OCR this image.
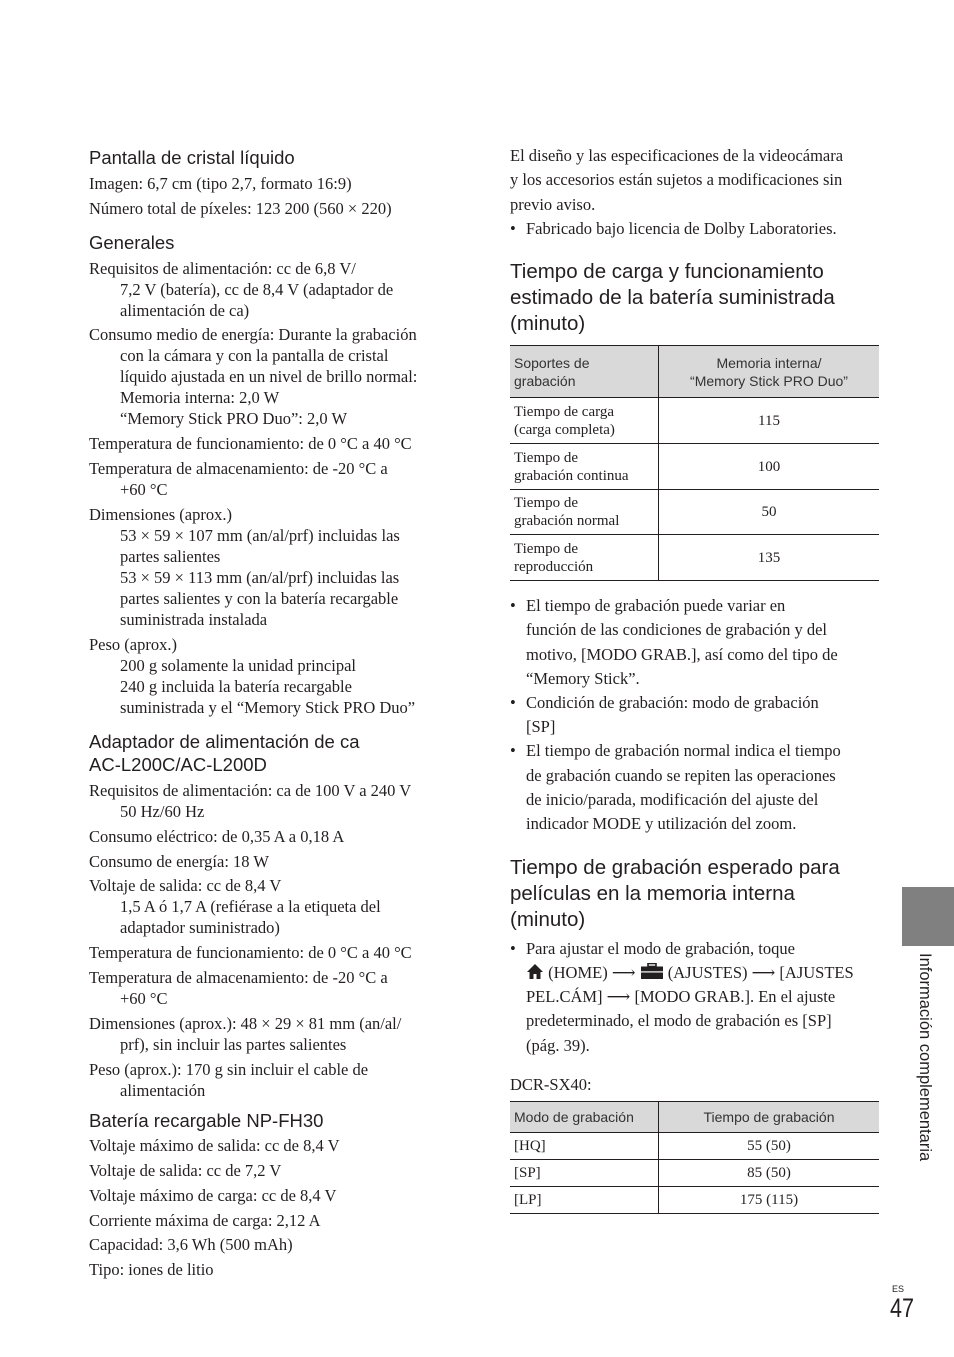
Pantalla de cristal líquido

Imagen: 6,7 cm (tipo 2,7, formato 16:9)

Número total de píxeles: 123 200 (560 × 220)

Generales

Requisitos de alimentación: cc de 6,8 V/

7,2 V (batería), cc de 8,4 V (adaptador de
alimentación de ca)

Consumo medio de energía: Durante la grabación

con la cámara y con la pantalla de cristal
líquido ajustada en un nivel de brillo normal:
Memoria interna: 2,0 W
“Memory Stick PRO Duo”: 2,0 W

Temperatura de funcionamiento: de 0 °C a 40 °C

Temperatura de almacenamiento: de -20 °C a

+60 °C

Dimensiones (aprox.)

53 × 59 × 107 mm (an/al/prf) incluidas las
partes salientes
53 × 59 × 113 mm (an/al/prf) incluidas las
partes salientes y con la batería recargable
suministrada instalada

Peso (aprox.)

200 g solamente la unidad principal
240 g incluida la batería recargable
suministrada y el “Memory Stick PRO Duo”
Adaptador de alimentación de ca
AC-L200C/AC-L200D

Requisitos de alimentación: ca de 100 V a 240 V

50 Hz/60 Hz

Consumo eléctrico: de 0,35 A a 0,18 A

Consumo de energía: 18 W

Voltaje de salida: cc de 8,4 V

1,5 A ó 1,7 A (refiérase a la etiqueta del
adaptador suministrado)

Temperatura de funcionamiento: de 0 °C a 40 °C

Temperatura de almacenamiento: de -20 °C a

+60 °C

Dimensiones (aprox.): 48 × 29 × 81 mm (an/al/

prf), sin incluir las partes salientes

Peso (aprox.): 170 g sin incluir el cable de

alimentación
Batería recargable NP-FH30

Voltaje máximo de salida: cc de 8,4 V

Voltaje de salida: cc de 7,2 V

Voltaje máximo de carga: cc de 8,4 V

Corriente máxima de carga: 2,12 A

Capacidad: 3,6 Wh (500 mAh)

Tipo: iones de litio

El diseño y las especificaciones de la videocámara

y los accesorios están sujetos a modificaciones sin

previo aviso.

• Fabricado bajo licencia de Dolby Laboratories.
Tiempo de carga y funcionamiento
estimado de la batería suministrada
(minuto)
Soportes de grabación	Memoria interna/
“Memory Stick PRO Duo”
Tiempo de carga
(carga completa)	115
Tiempo de
grabación continua	100
Tiempo de
grabación normal	50
Tiempo de
reproducción	135
• El tiempo de grabación puede variar en
función de las condiciones de grabación y del
motivo, [MODO GRAB.], así como del tipo de
“Memory Stick”.
• Condición de grabación: modo de grabación
[SP]
• El tiempo de grabación normal indica el tiempo
de grabación cuando se repiten las operaciones
de inicio/parada, modificación del ajuste del
indicador MODE y utilización del zoom.
Tiempo de grabación esperado para
películas en la memoria interna
(minuto)
• Para ajustar el modo de grabación, toque
(HOME) ⟶ (AJUSTES) ⟶ [AJUSTES
PEL.CÁM] ⟶ [MODO GRAB.]. En el ajuste
predeterminado, el modo de grabación es [SP]
(pág. 39).

DCR-SX40:

Modo de grabación	Tiempo de grabación
[HQ]	55 (50)
[SP]	85 (50)
[LP]	175 (115)
Información complementaria
ES
47
